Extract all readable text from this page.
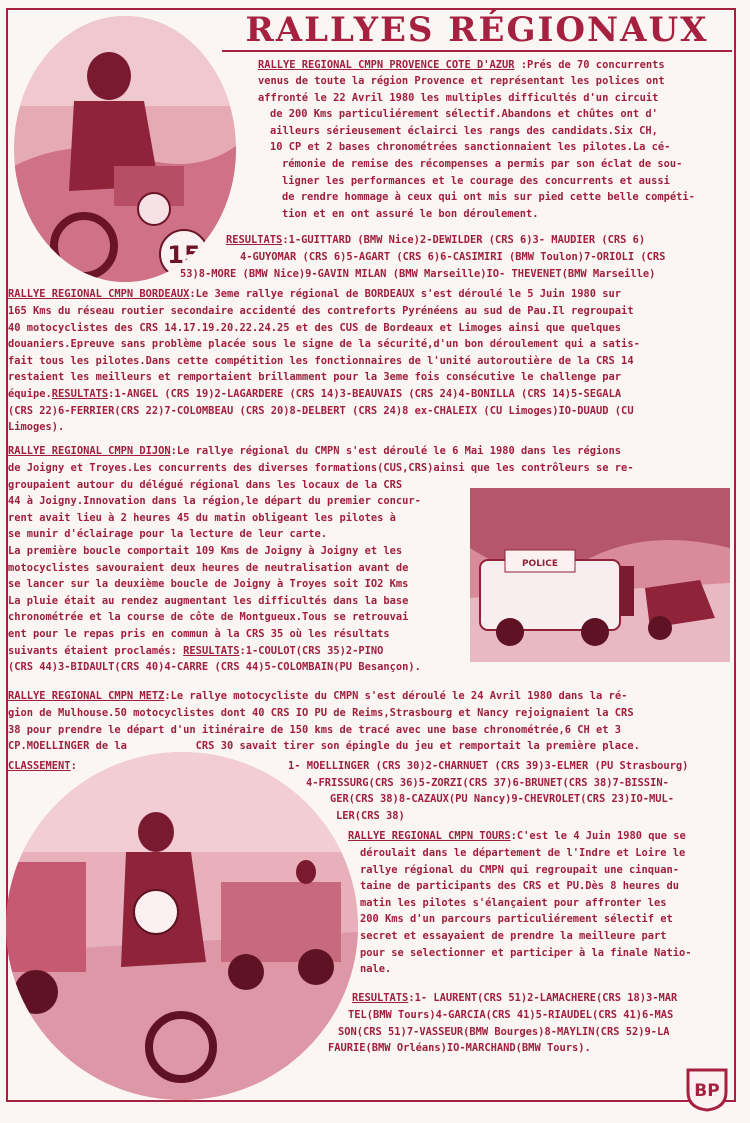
RALLYES RÉGIONAUX
15
RALLYE REGIONAL CMPN PROVENCE COTE D'AZUR :Prés de 70 concurrents
venus de toute la région Provence et représentant les polices ont
affronté le 22 Avril 1980 les multiples difficultés d'un circuit
de 200 Kms particuliérement sélectif.Abandons et chûtes ont d'
ailleurs sérieusement éclairci les rangs des candidats.Six CH,
10 CP et 2 bases chronométrées sanctionnaient les pilotes.La cé-
rémonie de remise des récompenses a permis par son éclat de sou-
ligner les performances et le courage des concurrents et aussi
de rendre hommage à ceux qui ont mis sur pied cette belle compéti-
tion et en ont assuré le bon déroulement.
RESULTATS:1-GUITTARD (BMW Nice)2-DEWILDER (CRS 6)3- MAUDIER (CRS 6)
4-GUYOMAR (CRS 6)5-AGART (CRS 6)6-CASIMIRI (BMW Toulon)7-ORIOLI (CRS
53)8-MORE (BMW Nice)9-GAVIN MILAN (BMW Marseille)IO- THEVENET(BMW Marseille)
RALLYE REGIONAL CMPN BORDEAUX:Le 3eme rallye régional de BORDEAUX s'est déroulé le 5 Juin 1980 sur
165 Kms du réseau routier secondaire accidenté des contreforts Pyrénéens au sud de Pau.Il regroupait
40 motocyclistes des CRS 14.17.19.20.22.24.25 et des CUS de Bordeaux et Limoges ainsi que quelques
douaniers.Epreuve sans problème placée sous le signe de la sécurité,d'un bon déroulement qui a satis-
fait tous les pilotes.Dans cette compétition les fonctionnaires de l'unité autoroutière de la CRS 14
restaient les meilleurs et remportaient brillamment pour la 3eme fois consécutive le challenge par
équipe.RESULTATS:1-ANGEL (CRS 19)2-LAGARDERE (CRS 14)3-BEAUVAIS (CRS 24)4-BONILLA (CRS 14)5-SEGALA
(CRS 22)6-FERRIER(CRS 22)7-COLOMBEAU (CRS 20)8-DELBERT (CRS 24)8 ex-CHALEIX (CU Limoges)IO-DUAUD (CU
Limoges).
RALLYE REGIONAL CMPN DIJON:Le rallye régional du CMPN s'est déroulé le 6 Mai 1980 dans les régions
de Joigny et Troyes.Les concurrents des diverses formations(CUS,CRS)ainsi que les contrôleurs se re-
groupaient autour du délégué régional dans les locaux de la CRS
44 à Joigny.Innovation dans la région,le départ du premier concur-
rent avait lieu à 2 heures 45 du matin obligeant les pilotes à
se munir d'éclairage pour la lecture de leur carte.
La première boucle comportait 109 Kms de Joigny à Joigny et les
motocyclistes savouraient deux heures de neutralisation avant de
se lancer sur la deuxième boucle de Joigny à Troyes soit IO2 Kms
La pluie était au rendez augmentant les difficultés dans la base
chronométrée et la course de côte de Montgueux.Tous se retrouvai
ent pour le repas pris en commun à la CRS 35 où les résultats
suivants étaient proclamés: RESULTATS:1-COULOT(CRS 35)2-PINO
(CRS 44)3-BIDAULT(CRS 40)4-CARRE (CRS 44)5-COLOMBAIN(PU Besançon).
POLICE
RALLYE REGIONAL CMPN METZ:Le rallye motocycliste du CMPN s'est déroulé le 24 Avril 1980 dans la ré-
gion de Mulhouse.50 motocyclistes dont 40 CRS IO PU de Reims,Strasbourg et Nancy rejoignaient la CRS
38 pour prendre le départ d'un itinéraire de 150 kms de tracé avec une base chronométrée,6 CH et 3
CP.MOELLINGER de la           CRS 30 savait tirer son épingle du jeu et remportait la première place.
CLASSEMENT:	1- MOELLINGER (CRS 30)2-CHARNUET (CRS 39)3-ELMER (PU Strasbourg)
4-FRISSURG(CRS 36)5-ZORZI(CRS 37)6-BRUNET(CRS 38)7-BISSIN-
GER(CRS 38)8-CAZAUX(PU Nancy)9-CHEVROLET(CRS 23)IO-MUL-
LER(CRS 38)
RALLYE REGIONAL CMPN TOURS:C'est le 4 Juin 1980 que se
déroulait dans le département de l'Indre et Loire le
rallye régional du CMPN qui regroupait une cinquan-
taine de participants des CRS et PU.Dès 8 heures du
matin les pilotes s'élançaient pour affronter les
200 Kms d'un parcours particuliérement sélectif et
secret et essayaient de prendre la meilleure part
pour se selectionner et participer à la finale Natio-
nale.
RESULTATS:1- LAURENT(CRS 51)2-LAMACHERE(CRS 18)3-MAR
TEL(BMW Tours)4-GARCIA(CRS 41)5-RIAUDEL(CRS 41)6-MAS
SON(CRS 51)7-VASSEUR(BMW Bourges)8-MAYLIN(CRS 52)9-LA
FAURIE(BMW Orléans)IO-MARCHAND(BMW Tours).
BP
